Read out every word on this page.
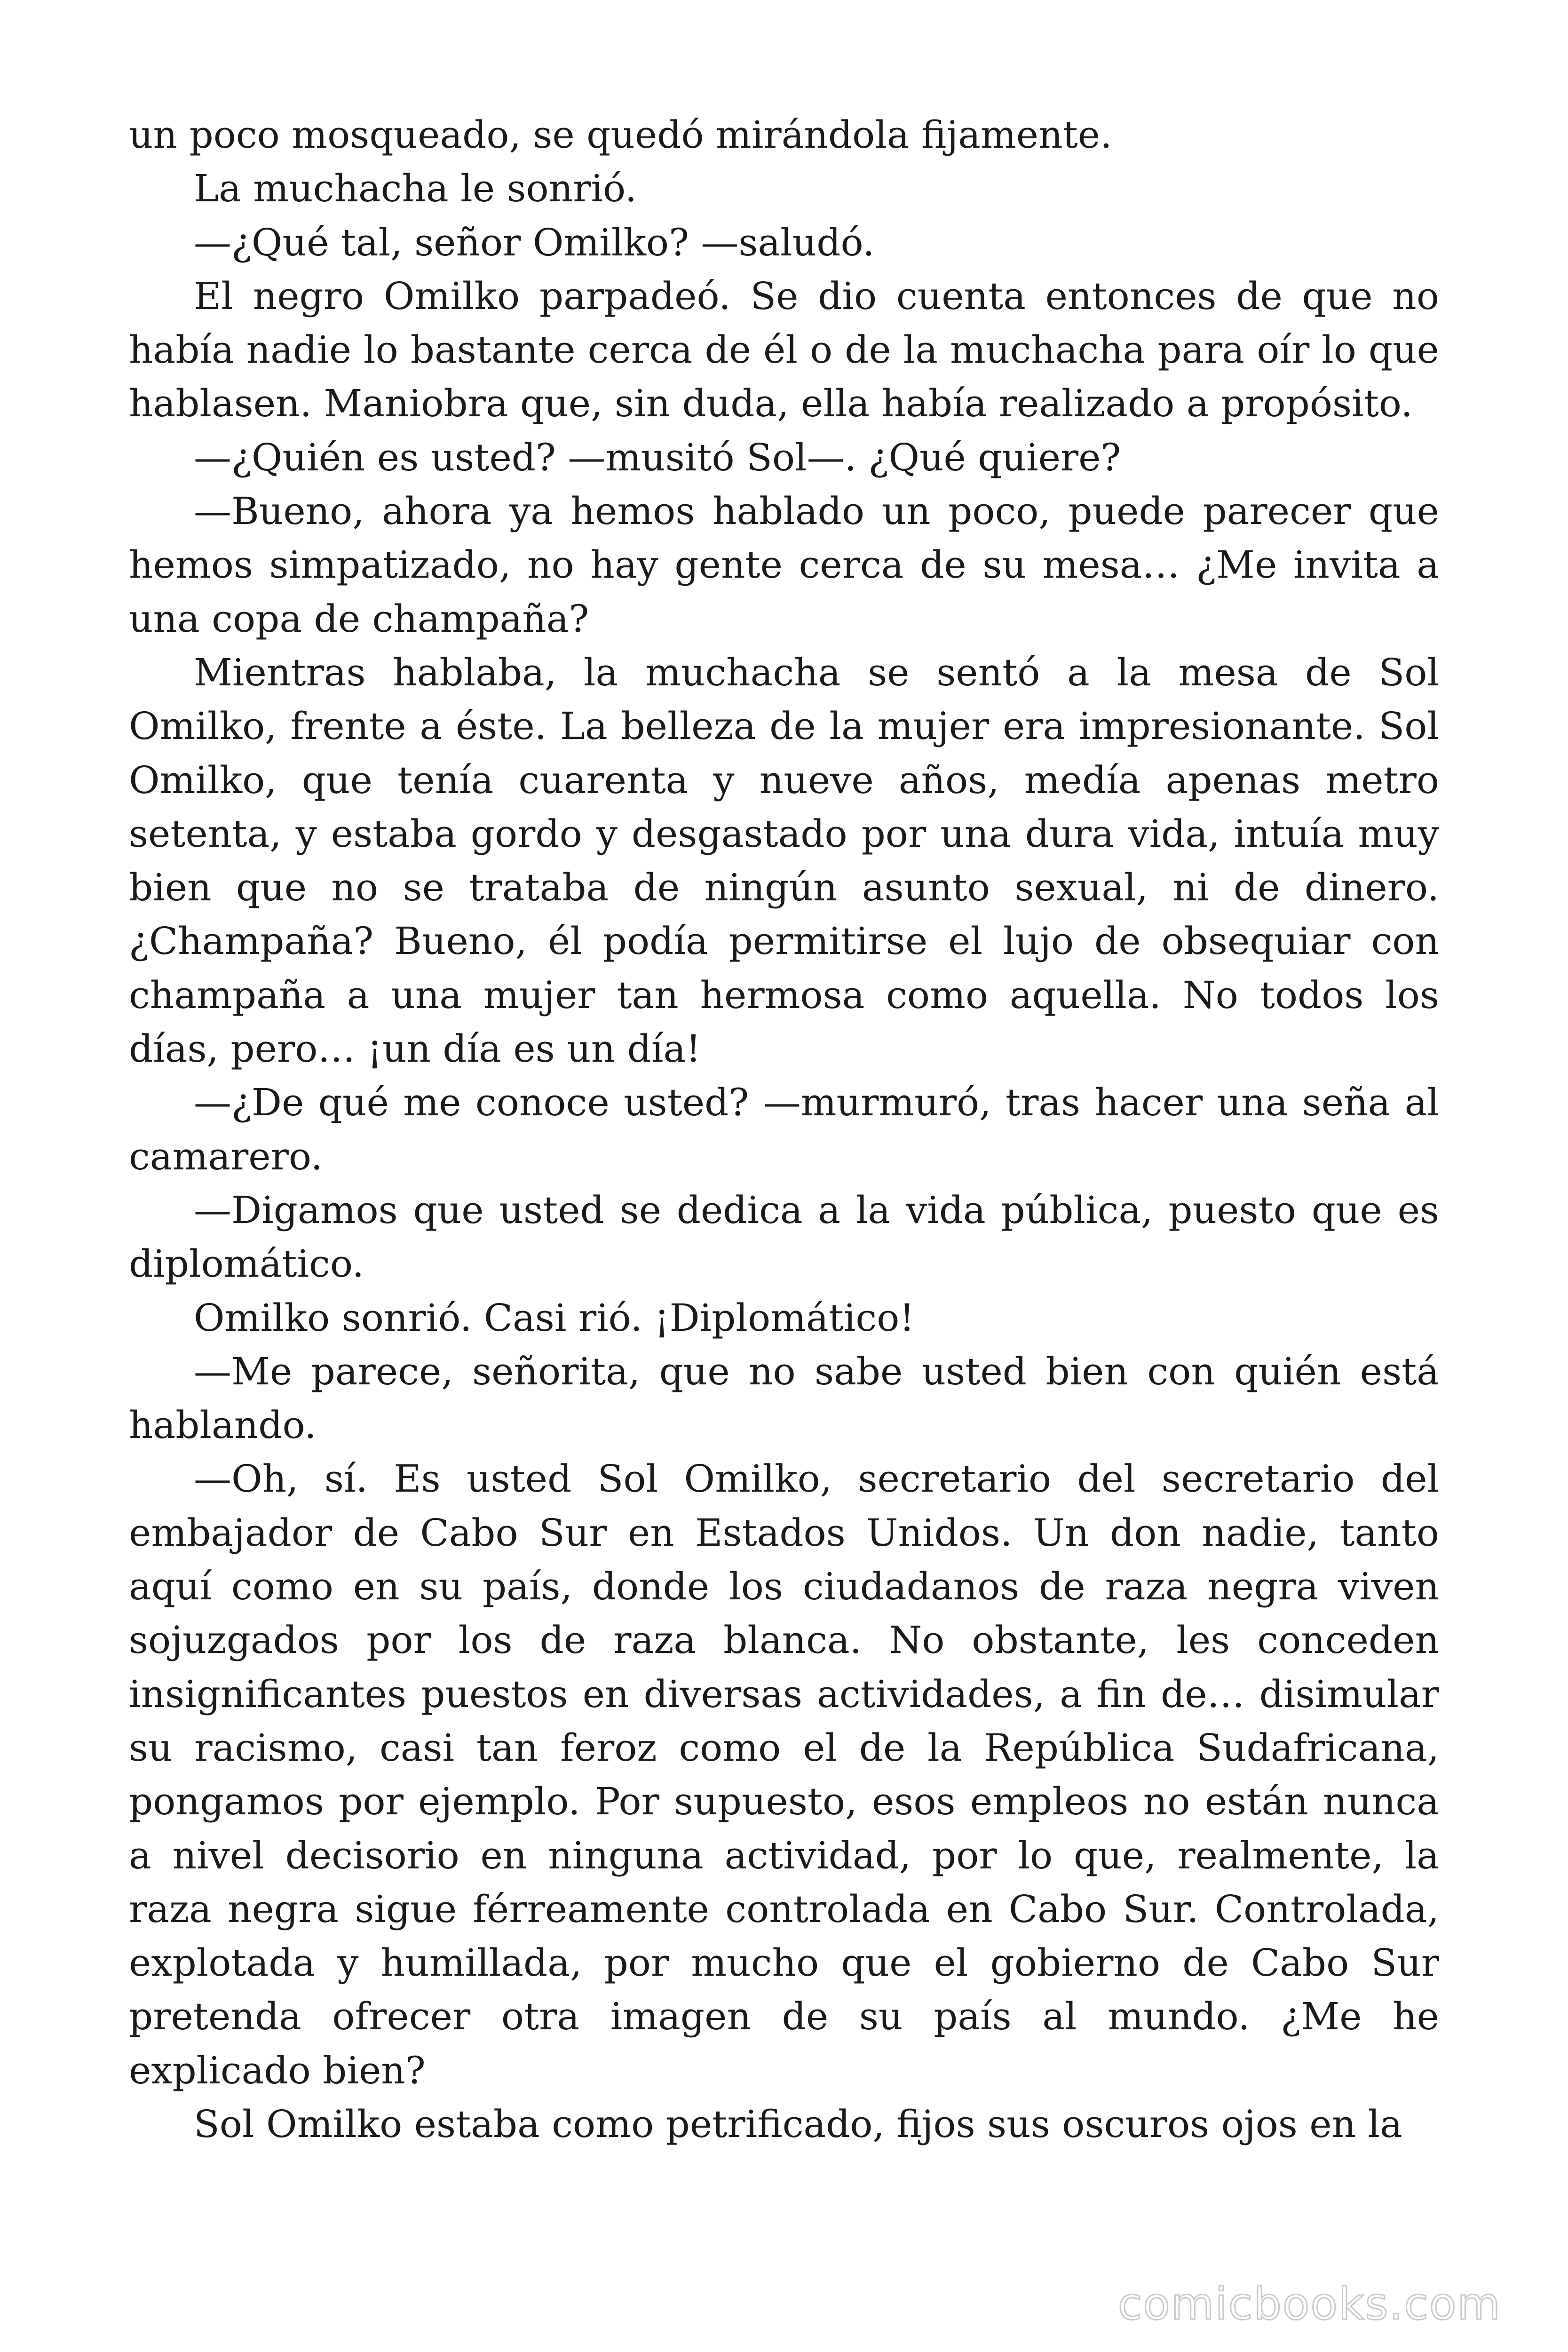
un poco mosqueado, se quedó mirándola fijamente.

La muchacha le sonrió.

—¿Qué tal, señor Omilko? —saludó.

El negro Omilko parpadeó. Se dio cuenta entonces de que no había nadie lo bastante cerca de él o de la muchacha para oír lo que hablasen. Maniobra que, sin duda, ella había realizado a propósito.

—¿Quién es usted? —musitó Sol—. ¿Qué quiere?

—Bueno, ahora ya hemos hablado un poco, puede parecer que hemos simpatizado, no hay gente cerca de su mesa… ¿Me invita a una copa de champaña?

Mientras hablaba, la muchacha se sentó a la mesa de Sol Omilko, frente a éste. La belleza de la mujer era impresionante. Sol Omilko, que tenía cuarenta y nueve años, medía apenas metro setenta, y estaba gordo y desgastado por una dura vida, intuía muy bien que no se trataba de ningún asunto sexual, ni de dinero. ¿Champaña? Bueno, él podía permitirse el lujo de obsequiar con champaña a una mujer tan hermosa como aquella. No todos los días, pero… ¡un día es un día!

—¿De qué me conoce usted? —murmuró, tras hacer una seña al camarero.

—Digamos que usted se dedica a la vida pública, puesto que es diplomático.

Omilko sonrió. Casi rió. ¡Diplomático!

—Me parece, señorita, que no sabe usted bien con quién está hablando.

—Oh, sí. Es usted Sol Omilko, secretario del secretario del embajador de Cabo Sur en Estados Unidos. Un don nadie, tanto aquí como en su país, donde los ciudadanos de raza negra viven sojuzgados por los de raza blanca. No obstante, les conceden insignificantes puestos en diversas actividades, a fin de… disimular su racismo, casi tan feroz como el de la República Sudafricana, pongamos por ejemplo. Por supuesto, esos empleos no están nunca a nivel decisorio en ninguna actividad, por lo que, realmente, la raza negra sigue férreamente controlada en Cabo Sur. Controlada, explotada y humillada, por mucho que el gobierno de Cabo Sur pretenda ofrecer otra imagen de su país al mundo. ¿Me he explicado bien?

Sol Omilko estaba como petrificado, fijos sus oscuros ojos en la

comicbooks.com
